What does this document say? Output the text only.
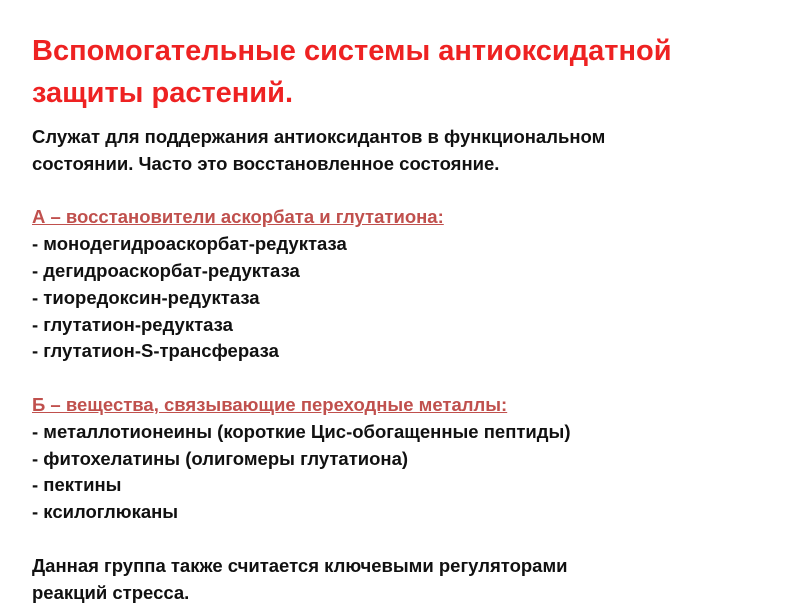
Вспомогательные системы антиоксидатной
защиты растений.
Служат для поддержания антиоксидантов в функциональном
состоянии. Часто это восстановленное состояние.
А – восстановители аскорбата и глутатиона:
- монодегидроаскорбат-редуктаза
- дегидроаскорбат-редуктаза
- тиоредоксин-редуктаза
- глутатион-редуктаза
- глутатион-S-трансфераза
Б – вещества, связывающие переходные металлы:
- металлотионеины (короткие Цис-обогащенные пептиды)
- фитохелатины (олигомеры глутатиона)
- пектины
- ксилоглюканы
Данная группа также считается ключевыми регуляторами
реакций стресса.
